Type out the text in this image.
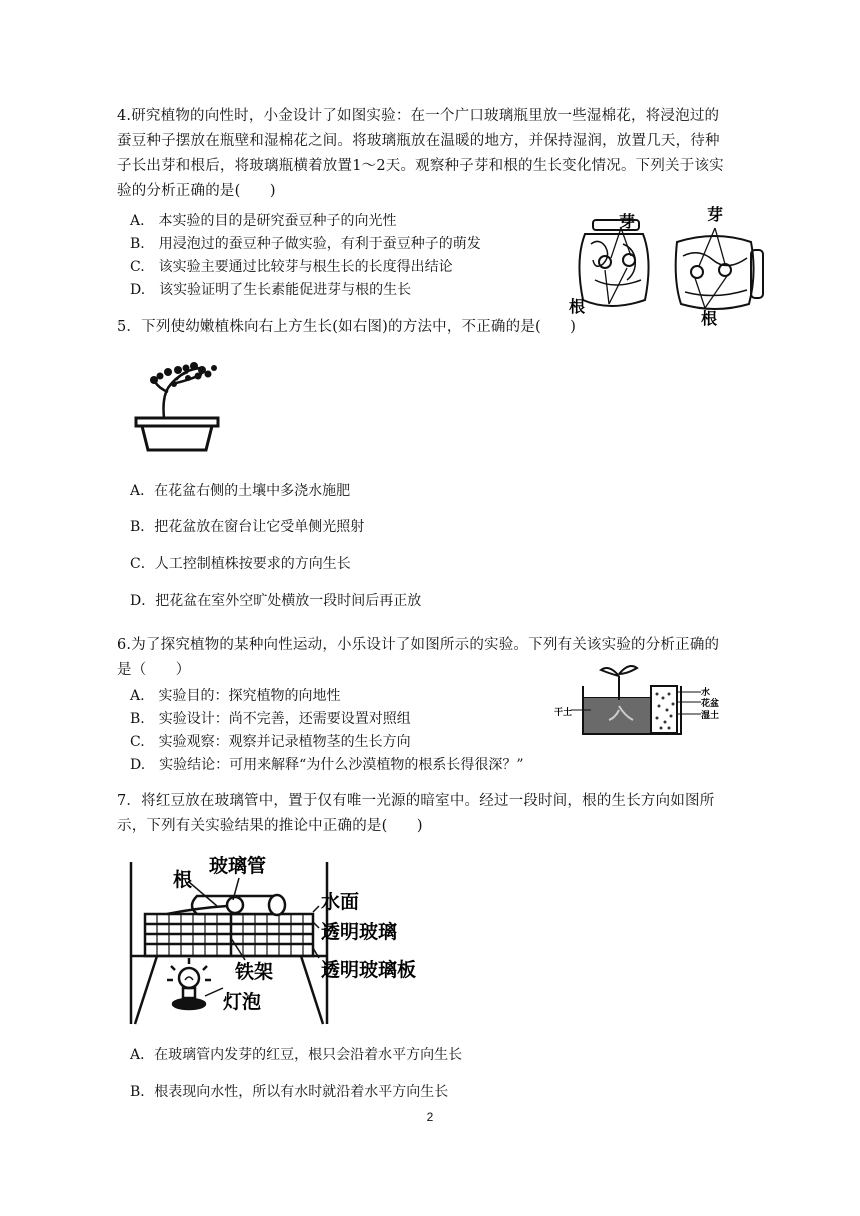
4.研究植物的向性时，小金设计了如图实验：在一个广口玻璃瓶里放一些湿棉花，将浸泡过的蚕豆种子摆放在瓶壁和湿棉花之间。将玻璃瓶放在温暖的地方，并保持湿润，放置几天，待种子长出芽和根后，将玻璃瓶横着放置1～2天。观察种子芽和根的生长变化情况。下列关于该实验的分析正确的是(　　)
A.　本实验的目的是研究蚕豆种子的向光性
B.　用浸泡过的蚕豆种子做实验，有利于蚕豆种子的萌发
C.　该实验主要通过比较芽与根生长的长度得出结论
D.　该实验证明了生长素能促进芽与根的生长
芽	芽
根
根
5．下列使幼嫩植株向右上方生长(如右图)的方法中，不正确的是(　　)
A．在花盆右侧的土壤中多浇水施肥
B．把花盆放在窗台让它受单侧光照射
C．人工控制植株按要求的方向生长
D．把花盆在室外空旷处横放一段时间后再正放
6.为了探究植物的某种向性运动，小乐设计了如图所示的实验。下列有关该实验的分析正确的是（　　）
A.　实验目的：探究植物的向地性
B.　实验设计：尚不完善，还需要设置对照组
C.　实验观察：观察并记录植物茎的生长方向
D.　实验结论：可用来解释“为什么沙漠植物的根系长得很深？”
干土
水
花盆
湿土
7．将红豆放在玻璃管中，置于仅有唯一光源的暗室中。经过一段时间，根的生长方向如图所示，下列有关实验结果的推论中正确的是(　　)
根
玻璃管
水面
透明玻璃
铁架	透明玻璃板
灯泡
A．在玻璃管内发芽的红豆，根只会沿着水平方向生长
B．根表现向水性，所以有水时就沿着水平方向生长
2
